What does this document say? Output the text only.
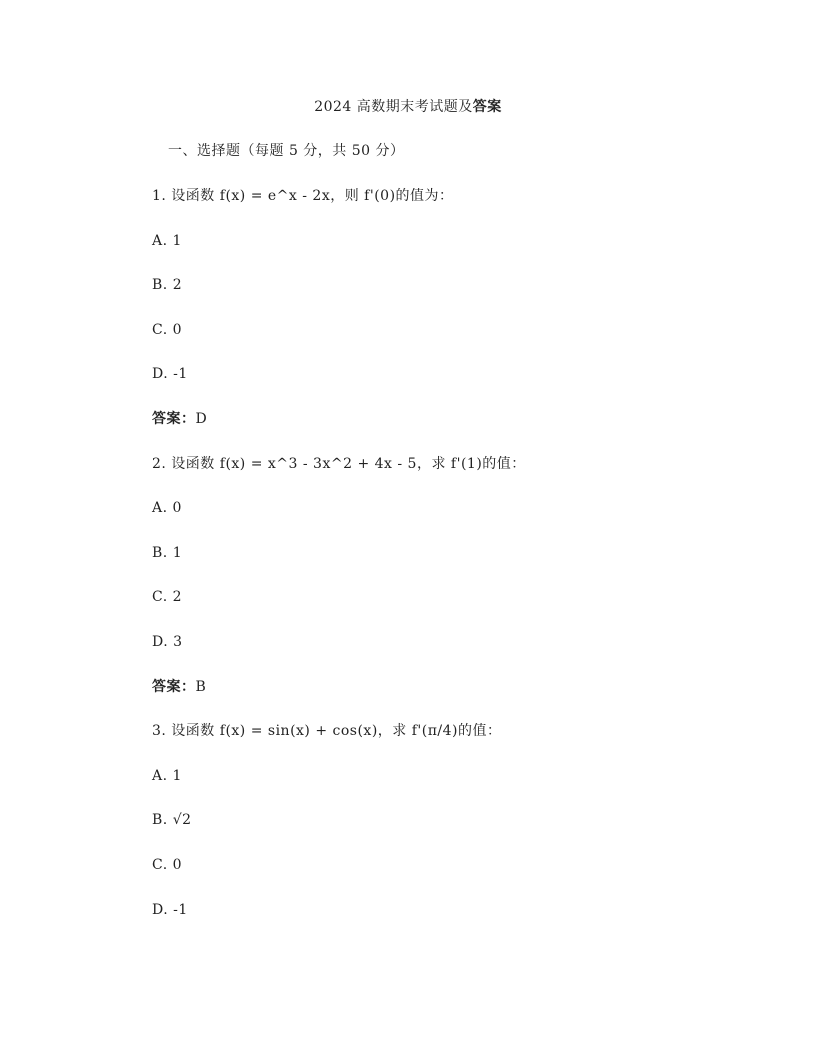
2024 高数期末考试题及答案
一、选择题（每题 5 分，共 50 分）
1. 设函数 f(x) = e^x - 2x，则 f'(0)的值为：
A. 1
B. 2
C. 0
D. -1
答案：D
2. 设函数 f(x) = x^3 - 3x^2 + 4x - 5，求 f'(1)的值：
A. 0
B. 1
C. 2
D. 3
答案：B
3. 设函数 f(x) = sin(x) + cos(x)，求 f'(π/4)的值：
A. 1
B. √2
C. 0
D. -1
